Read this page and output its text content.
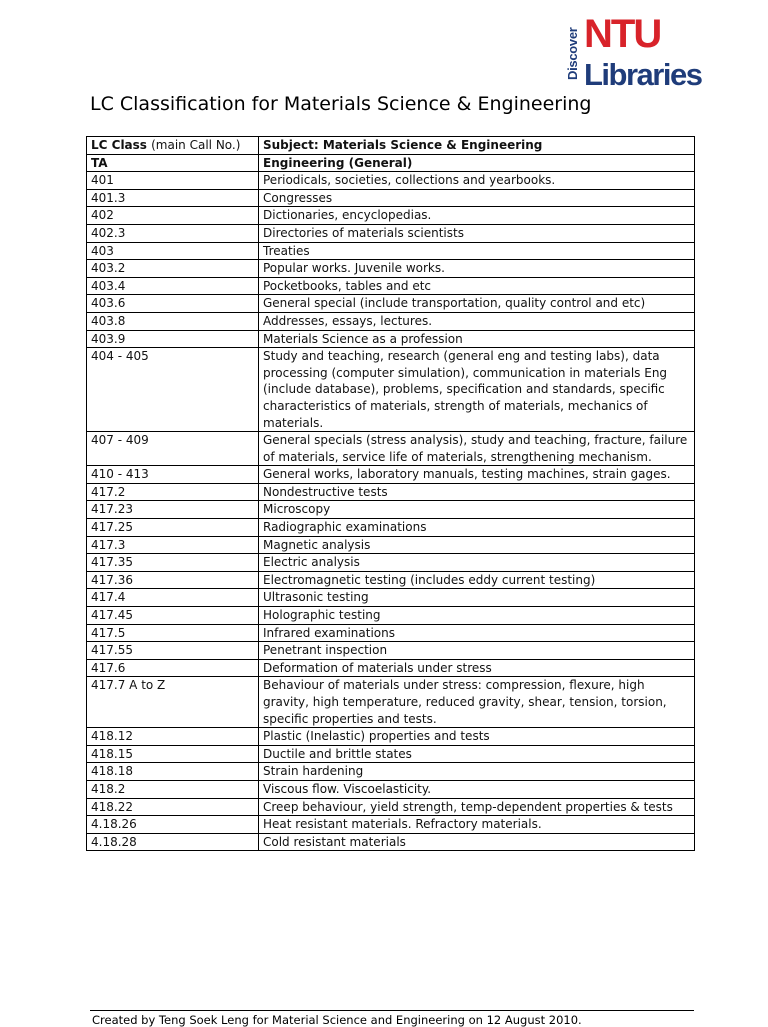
Discover NTU
Libraries
LC Classification for Materials Science & Engineering
LC Class (main Call No.)	Subject: Materials Science & Engineering
TA	Engineering (General)
401	Periodicals, societies, collections and yearbooks.
401.3	Congresses
402	Dictionaries, encyclopedias.
402.3	Directories of materials scientists
403	Treaties
403.2	Popular works. Juvenile works.
403.4	Pocketbooks, tables and etc
403.6	General special (include transportation, quality control and etc)
403.8	Addresses, essays, lectures.
403.9	Materials Science as a profession
404 - 405	Study and teaching, research (general eng and testing labs), data processing (computer simulation), communication in materials Eng (include database), problems, specification and standards, specific characteristics of materials, strength of materials, mechanics of materials.
407 - 409	General specials (stress analysis), study and teaching, fracture, failure of materials, service life of materials, strengthening mechanism.
410 - 413	General works, laboratory manuals, testing machines, strain gages.
417.2	Nondestructive tests
417.23	Microscopy
417.25	Radiographic examinations
417.3	Magnetic analysis
417.35	Electric analysis
417.36	Electromagnetic testing (includes eddy current testing)
417.4	Ultrasonic testing
417.45	Holographic testing
417.5	Infrared examinations
417.55	Penetrant inspection
417.6	Deformation of materials under stress
417.7 A to Z	Behaviour of materials under stress: compression, flexure, high gravity, high temperature, reduced gravity, shear, tension, torsion, specific properties and tests.
418.12	Plastic (Inelastic) properties and tests
418.15	Ductile and brittle states
418.18	Strain hardening
418.2	Viscous flow. Viscoelasticity.
418.22	Creep behaviour, yield strength, temp-dependent properties & tests
4.18.26	Heat resistant materials. Refractory materials.
4.18.28	Cold resistant materials
Created by Teng Soek Leng for Material Science and Engineering on 12 August 2010.
